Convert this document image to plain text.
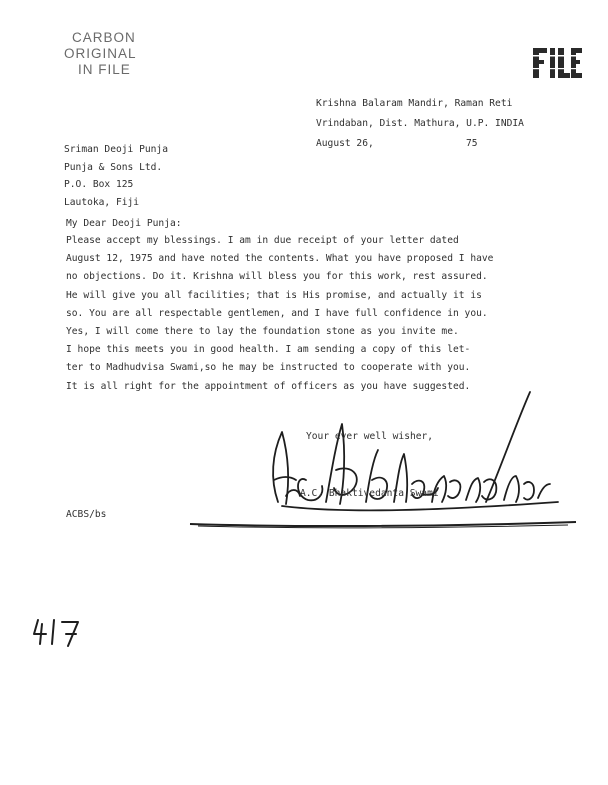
CARBON
ORIGINAL
IN FILE
Krishna Balaram Mandir, Raman Reti
Vrindaban, Dist. Mathura, U.P. INDIA
August 26,	75
Sriman Deoji Punja
Punja & Sons Ltd.
P.O. Box 125
Lautoka, Fiji
My Dear Deoji Punja:

Please accept my blessings. I am in due receipt of your letter dated
August 12, 1975 and have noted the contents. What you have proposed I have
no objections. Do it. Krishna will bless you for this work, rest assured.
He will give you all facilities; that is His promise, and actually it is
so. You are all respectable gentlemen, and I have full confidence in you.

Yes, I will come there to lay the foundation stone as you invite me.

I hope this meets you in good health. I am sending a copy of this let-
ter to Madhudvisa Swami,so he may be instructed to cooperate with you.

It is all right for the appointment of officers as you have suggested.

Your ever well wisher,
A.C. Bhaktivedanta Swami
ACBS/bs
